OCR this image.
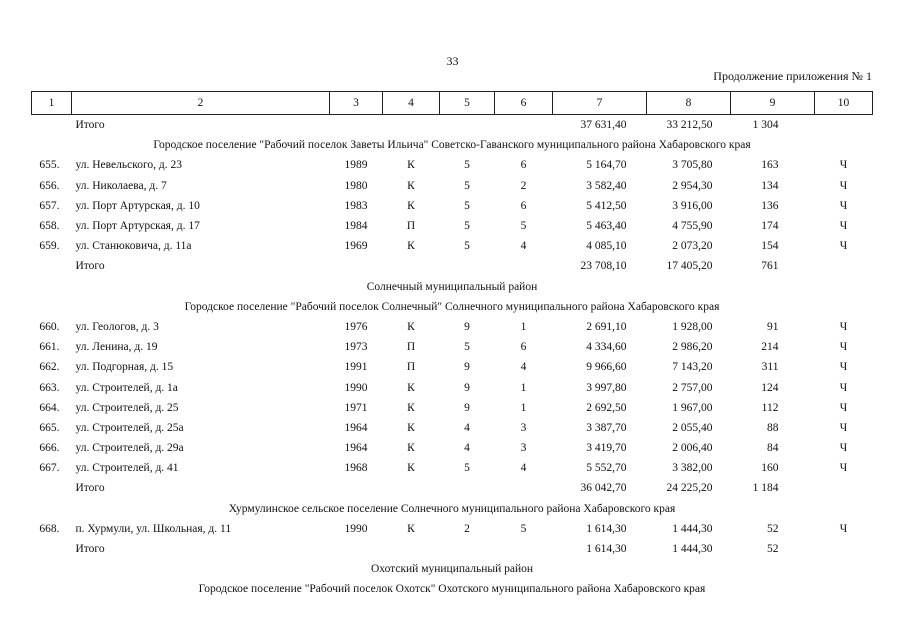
33
Продолжение приложения № 1
1	2	3	4	5	6	7	8	9	10
	Итого					37 631,40	33 212,50	1 304	
Городское поселение "Рабочий поселок Заветы Ильича" Советско-Гаванского муниципального района Хабаровского края									
655.	ул. Невельского, д. 23	1989	К	5	6	5 164,70	3 705,80	163	Ч
656.	ул. Николаева, д. 7	1980	К	5	2	3 582,40	2 954,30	134	Ч
657.	ул. Порт Артурская, д. 10	1983	К	5	6	5 412,50	3 916,00	136	Ч
658.	ул. Порт Артурская, д. 17	1984	П	5	5	5 463,40	4 755,90	174	Ч
659.	ул. Станюковича, д. 11а	1969	К	5	4	4 085,10	2 073,20	154	Ч
	Итого					23 708,10	17 405,20	761	
Солнечный муниципальный район									
Городское поселение "Рабочий поселок Солнечный" Солнечного муниципального района Хабаровского края									
660.	ул. Геологов, д. 3	1976	К	9	1	2 691,10	1 928,00	91	Ч
661.	ул. Ленина, д. 19	1973	П	5	6	4 334,60	2 986,20	214	Ч
662.	ул. Подгорная, д. 15	1991	П	9	4	9 966,60	7 143,20	311	Ч
663.	ул. Строителей, д. 1а	1990	К	9	1	3 997,80	2 757,00	124	Ч
664.	ул. Строителей, д. 25	1971	К	9	1	2 692,50	1 967,00	112	Ч
665.	ул. Строителей, д. 25а	1964	К	4	3	3 387,70	2 055,40	88	Ч
666.	ул. Строителей, д. 29а	1964	К	4	3	3 419,70	2 006,40	84	Ч
667.	ул. Строителей, д. 41	1968	К	5	4	5 552,70	3 382,00	160	Ч
	Итого					36 042,70	24 225,20	1 184	
Хурмулинское сельское поселение Солнечного муниципального района Хабаровского края									
668.	п. Хурмули, ул. Школьная, д. 11	1990	К	2	5	1 614,30	1 444,30	52	Ч
	Итого					1 614,30	1 444,30	52	
Охотский муниципальный район									
Городское поселение "Рабочий поселок Охотск" Охотского муниципального района Хабаровского края									
